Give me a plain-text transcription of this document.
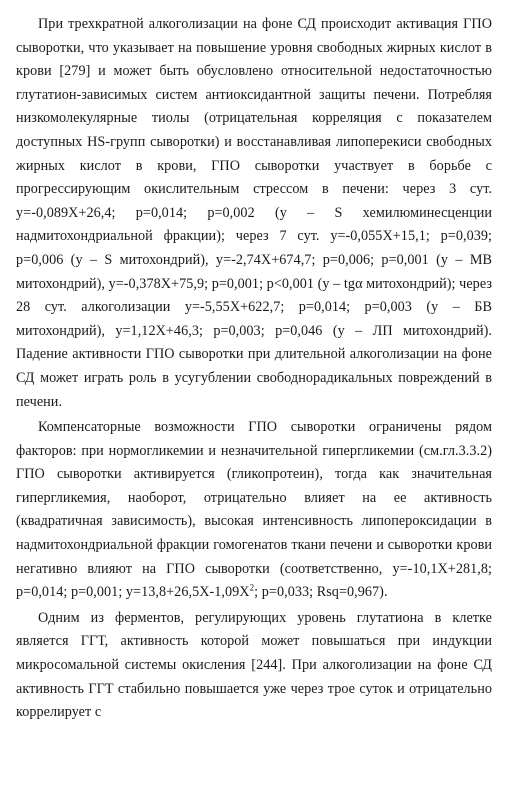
При трехкратной алкоголизации на фоне СД происходит активация ГПО сыворотки, что указывает на повышение уровня свободных жирных кислот в крови [279] и может быть обусловлено относительной недостаточностью глутатион-зависимых систем антиоксидантной защиты печени. Потребляя низкомолекулярные тиолы (отрицательная корреляция с показателем доступных HS-групп сыворотки) и восстанавливая липоперекиси свободных жирных кислот в крови, ГПО сыворотки участвует в борьбе с прогрессирующим окислительным стрессом в печени: через 3 сут. y=-0,089X+26,4; p=0,014; p=0,002 (y – S хемилюминесценции надмитохондриальной фракции); через 7 сут. y=-0,055X+15,1; p=0,039; p=0,006 (y – S митохондрий), y=-2,74X+674,7; p=0,006; p=0,001 (y – МВ митохондрий), y=-0,378X+75,9; p=0,001; p<0,001 (y – tgα митохондрий); через 28 сут. алкоголизации y=-5,55X+622,7; p=0,014; p=0,003 (y – БВ митохондрий), y=1,12X+46,3; p=0,003; p=0,046 (y – ЛП митохондрий). Падение активности ГПО сыворотки при длительной алкоголизации на фоне СД может играть роль в усугублении свободнорадикальных повреждений в печени.

Компенсаторные возможности ГПО сыворотки ограничены рядом факторов: при нормогликемии и незначительной гипергликемии (см.гл.3.3.2) ГПО сыворотки активируется (гликопротеин), тогда как значительная гипергликемия, наоборот, отрицательно влияет на ее активность (квадратичная зависимость), высокая интенсивность липопероксидации в надмитохондриальной фракции гомогенатов ткани печени и сыворотки крови негативно влияют на ГПО сыворотки (соответственно, y=-10,1X+281,8; p=0,014; p=0,001; $y=13,8+26,5X-1,09X^2$; p=0,033; Rsq=0,967).

Одним из ферментов, регулирующих уровень глутатиона в клетке является ГГТ, активность которой может повышаться при индукции микросомальной системы окисления [244]. При алкоголизации на фоне СД активность ГГТ стабильно повышается уже через трое суток и отрицательно коррелирует с
